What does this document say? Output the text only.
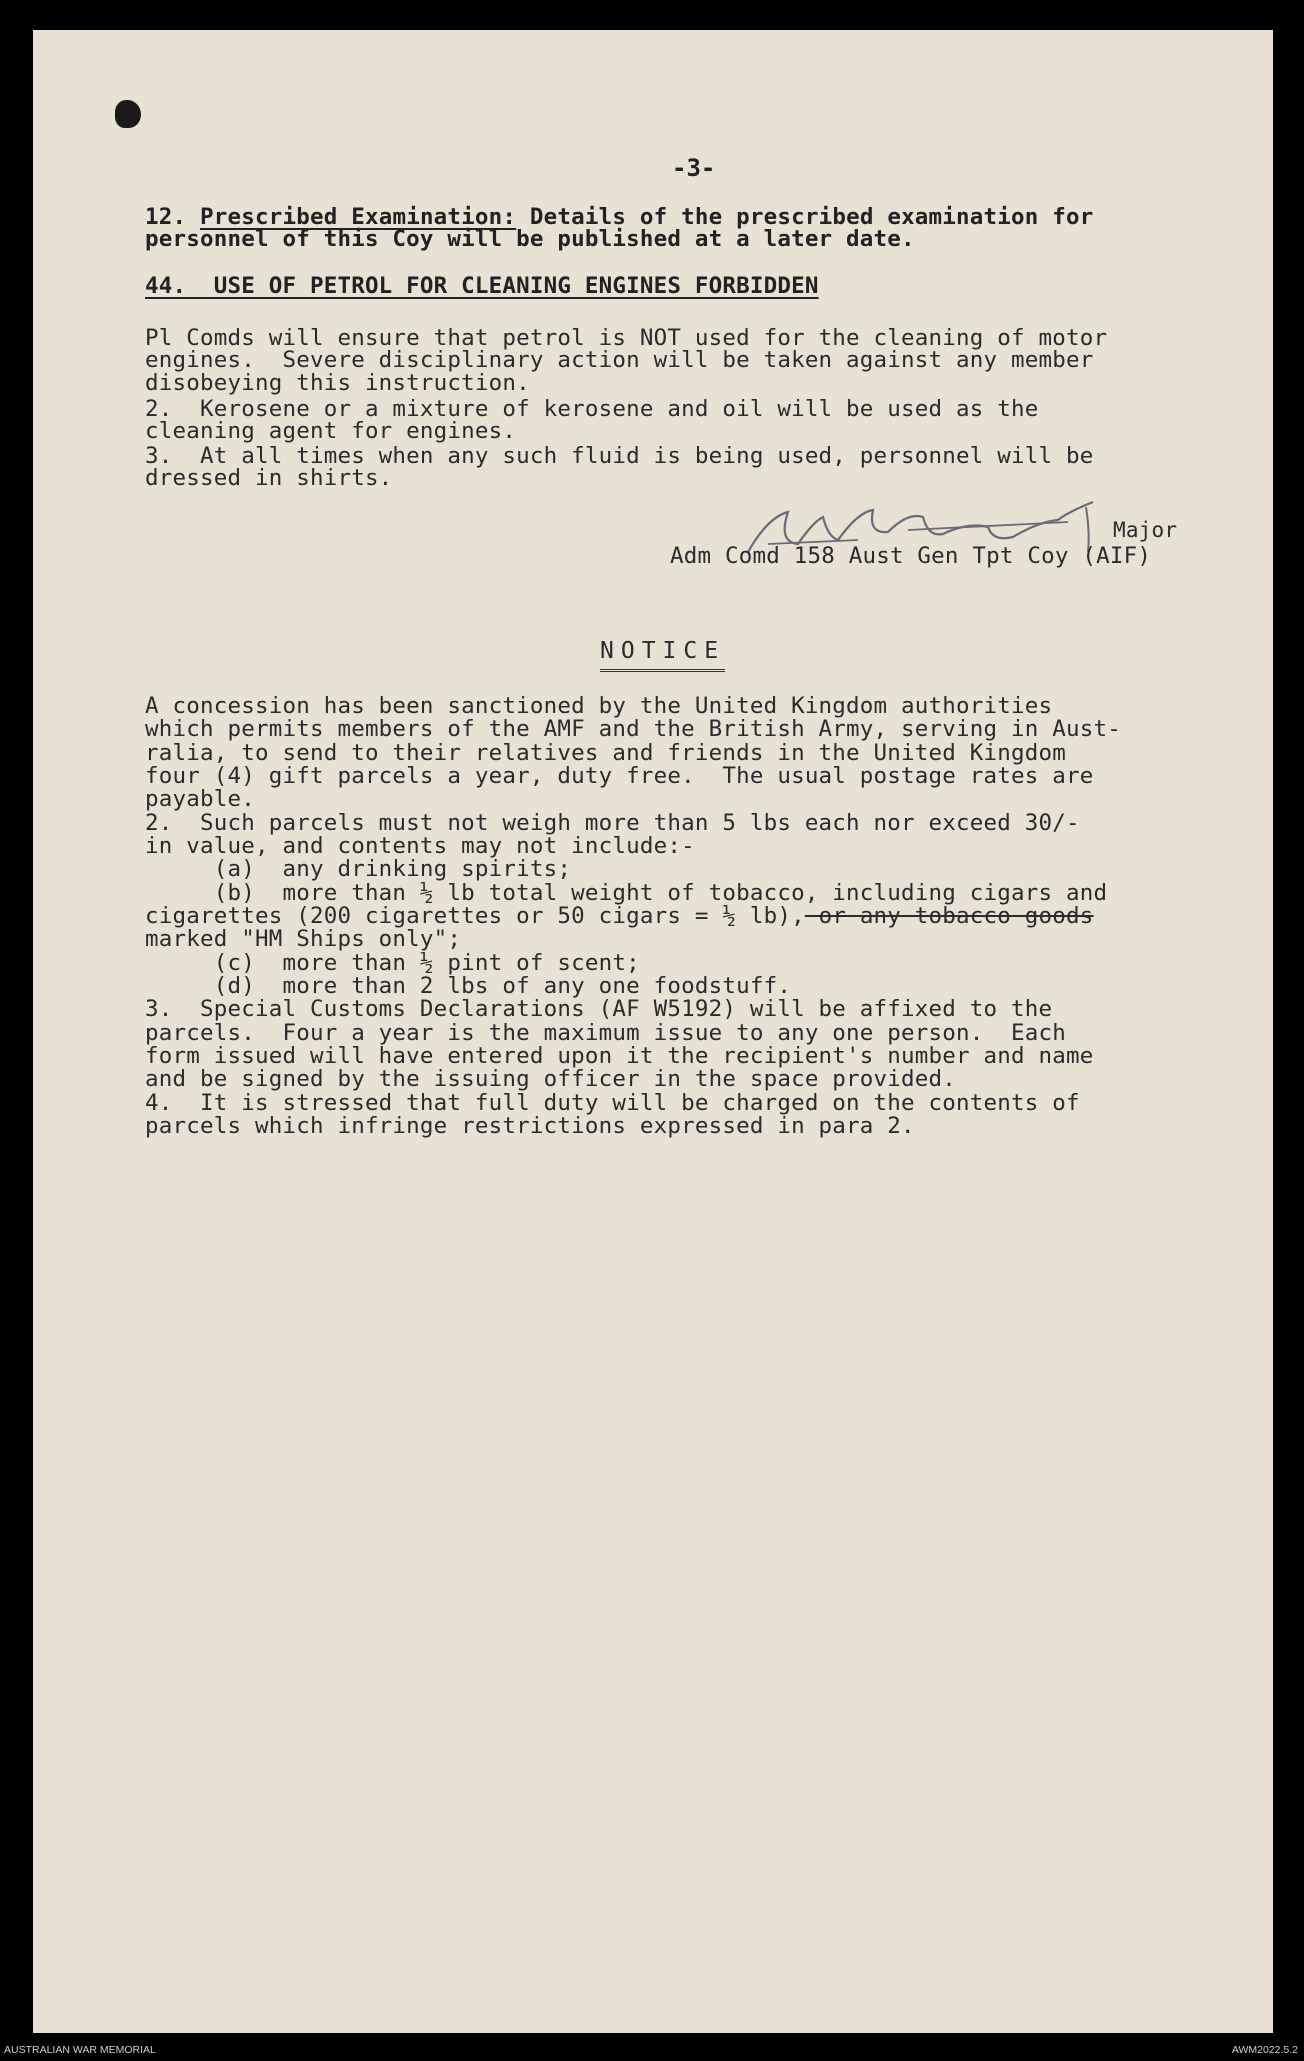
-3-
12. Prescribed Examination: Details of the prescribed examination for
personnel of this Coy will be published at a later date.
44.  USE OF PETROL FOR CLEANING ENGINES FORBIDDEN
Pl Comds will ensure that petrol is NOT used for the cleaning of motor
engines.  Severe disciplinary action will be taken against any member
disobeying this instruction.
2.  Kerosene or a mixture of kerosene and oil will be used as the
cleaning agent for engines.
3.  At all times when any such fluid is being used, personnel will be
dressed in shirts.
Major
Adm Comd 158 Aust Gen Tpt Coy (AIF)
NOTICE
A concession has been sanctioned by the United Kingdom authorities
which permits members of the AMF and the British Army, serving in Aust-
ralia, to send to their relatives and friends in the United Kingdom
four (4) gift parcels a year, duty free.  The usual postage rates are
payable.
2.  Such parcels must not weigh more than 5 lbs each nor exceed 30/-
in value, and contents may not include:-
(a)  any drinking spirits;
(b)  more than ½ lb total weight of tobacco, including cigars and
cigarettes (200 cigarettes or 50 cigars = ½ lb), or any tobacco goods
marked "HM Ships only";
(c)  more than ½ pint of scent;
(d)  more than 2 lbs of any one foodstuff.
3.  Special Customs Declarations (AF W5192) will be affixed to the
parcels.  Four a year is the maximum issue to any one person.  Each
form issued will have entered upon it the recipient's number and name
and be signed by the issuing officer in the space provided.
4.  It is stressed that full duty will be charged on the contents of
parcels which infringe restrictions expressed in para 2.
AUSTRALIAN WAR MEMORIAL	AWM2022.5.2
